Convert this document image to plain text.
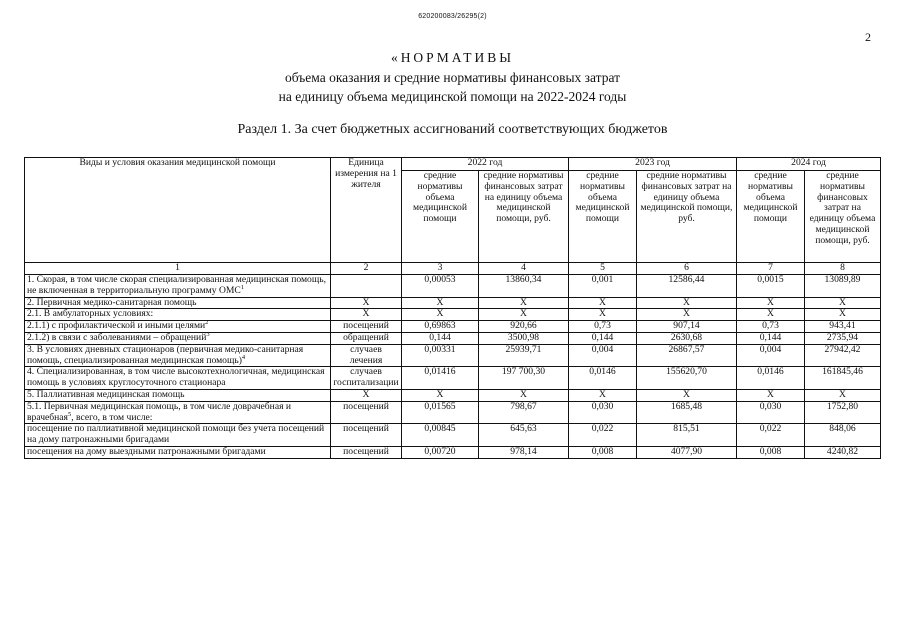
620200083/26295(2)
2
«НОРМАТИВЫ
объема оказания и средние нормативы финансовых затрат
на единицу объема медицинской помощи на 2022-2024 годы
Раздел 1. За счет бюджетных ассигнований соответствующих бюджетов
Виды и условия оказания медицинской помощи	Единица измерения на 1 жителя	2022 год		2023 год		2024 год	
		средние нормативы объема медицинской помощи	средние нормативы финансовых затрат на единицу объема медицинской помощи, руб.	средние нормативы объема медицинской помощи	средние нормативы финансовых затрат на единицу объема медицинской помощи, руб.	средние нормативы объема медицинской помощи	средние нормативы финансовых затрат на единицу объема медицинской помощи, руб.
1	2	3	4	5	6	7	8
1. Скорая, в том числе скорая специализированная медицинская помощь, не включенная в территориальную программу ОМС$^1$		0,00053	13860,34	0,001	12586,44	0,0015	13089,89
2. Первичная медико-санитарная помощь	X	X	X	X	X	X	X
2.1. В амбулаторных условиях:	X	X	X	X	X	X	X
2.1.1) с профилактической и иными целями$^2$	посещений	0,69863	920,66	0,73	907,14	0,73	943,41
2.1.2) в связи с заболеваниями – обращений$^3$	обращений	0,144	3500,98	0,144	2630,68	0,144	2735,94
3. В условиях дневных стационаров (первичная медико-санитарная помощь, специализированная медицинская помощь)$^4$	случаев лечения	0,00331	25939,71	0,004	26867,57	0,004	27942,42
4. Специализированная, в том числе высокотехнологичная, медицинская помощь в условиях круглосуточного стационара	случаев госпитализации	0,01416	197 700,30	0,0146	155620,70	0,0146	161845,46
5. Паллиативная медицинская помощь	X	X	X	X	X	X	X
5.1. Первичная медицинская помощь, в том числе доврачебная и врачебная$^5$, всего, в том числе:	посещений	0,01565	798,67	0,030	1685,48	0,030	1752,80
посещение по паллиативной медицинской помощи без учета посещений на дому патронажными бригадами	посещений	0,00845	645,63	0,022	815,51	0,022	848,06
посещения на дому выездными патронажными бригадами	посещений	0,00720	978,14	0,008	4077,90	0,008	4240,82
